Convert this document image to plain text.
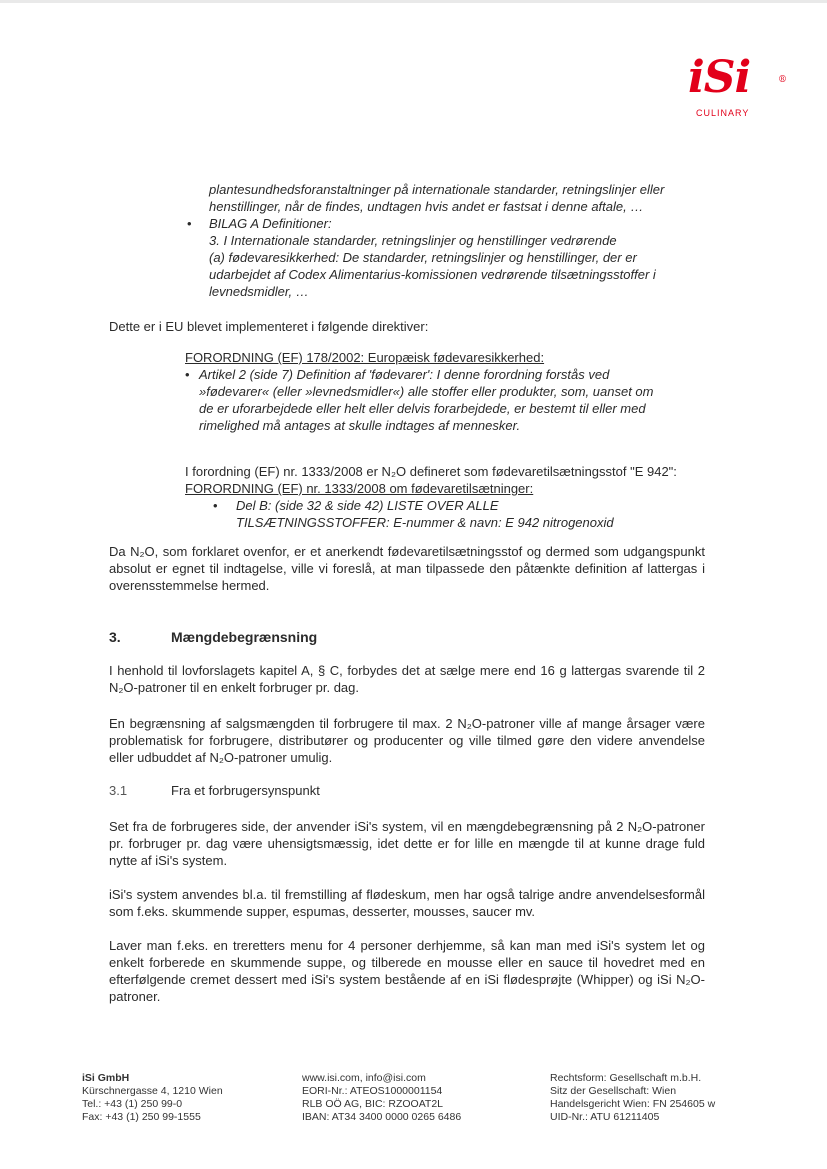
iSi	®
CULINARY
plantesundhedsforanstaltninger på internationale standarder, retningslinjer eller
henstillinger, når de findes, undtagen hvis andet er fastsat i denne aftale, …
• BILAG A Definitioner:
3. I Internationale standarder, retningslinjer og henstillinger vedrørende
(a) fødevaresikkerhed: De standarder, retningslinjer og henstillinger, der er
udarbejdet af Codex Alimentarius-komissionen vedrørende tilsætningsstoffer i
levnedsmidler, …
Dette er i EU blevet implementeret i følgende direktiver:
FORORDNING (EF) 178/2002: Europæisk fødevaresikkerhed:
• Artikel 2 (side 7) Definition af 'fødevarer': I denne forordning forstås ved
»fødevarer« (eller »levnedsmidler«) alle stoffer eller produkter, som, uanset om
de er uforarbejdede eller helt eller delvis forarbejdede, er bestemt til eller med
rimelighed må antages at skulle indtages af mennesker.
I forordning (EF) nr. 1333/2008 er N₂O defineret som fødevaretilsætningsstof "E 942":
FORORDNING (EF) nr. 1333/2008 om fødevaretilsætninger:
• Del B: (side 32 & side 42) LISTE OVER ALLE
TILSÆTNINGSSTOFFER: E-nummer & navn: E 942 nitrogenoxid
Da N₂O, som forklaret ovenfor, er et anerkendt fødevaretilsætningsstof og dermed som udgangspunkt absolut er egnet til indtagelse, ville vi foreslå, at man tilpassede den påtænkte definition af lattergas i overensstemmelse hermed.
3.	Mængdebegrænsning
I henhold til lovforslagets kapitel A, § C, forbydes det at sælge mere end 16 g lattergas svarende til 2 N₂O-patroner til en enkelt forbruger pr. dag.
En begrænsning af salgsmængden til forbrugere til max. 2 N₂O-patroner ville af mange årsager være problematisk for forbrugere, distributører og producenter og ville tilmed gøre den videre anvendelse eller udbuddet af N₂O-patroner umulig.
3.1	Fra et forbrugersynspunkt
Set fra de forbrugeres side, der anvender iSi's system, vil en mængdebegrænsning på 2 N₂O-patroner pr. forbruger pr. dag være uhensigtsmæssig, idet dette er for lille en mængde til at kunne drage fuld nytte af iSi's system.
iSi's system anvendes bl.a. til fremstilling af flødeskum, men har også talrige andre anvendelsesformål som f.eks. skummende supper, espumas, desserter, mousses, saucer mv.
Laver man f.eks. en treretters menu for 4 personer derhjemme, så kan man med iSi's system let og enkelt forberede en skummende suppe, og tilberede en mousse eller en sauce til hovedret med en efterfølgende cremet dessert med iSi's system bestående af en iSi flødesprøjte (Whipper) og iSi N₂O-patroner.
iSi GmbH
Kürschnergasse 4, 1210 Wien
Tel.: +43 (1) 250 99-0
Fax: +43 (1) 250 99-1555
www.isi.com, info@isi.com
EORI-Nr.: ATEOS1000001154
RLB OÖ AG, BIC: RZOOAT2L
IBAN: AT34 3400 0000 0265 6486
Rechtsform: Gesellschaft m.b.H.
Sitz der Gesellschaft: Wien
Handelsgericht Wien: FN 254605 w
UID-Nr.: ATU 61211405
